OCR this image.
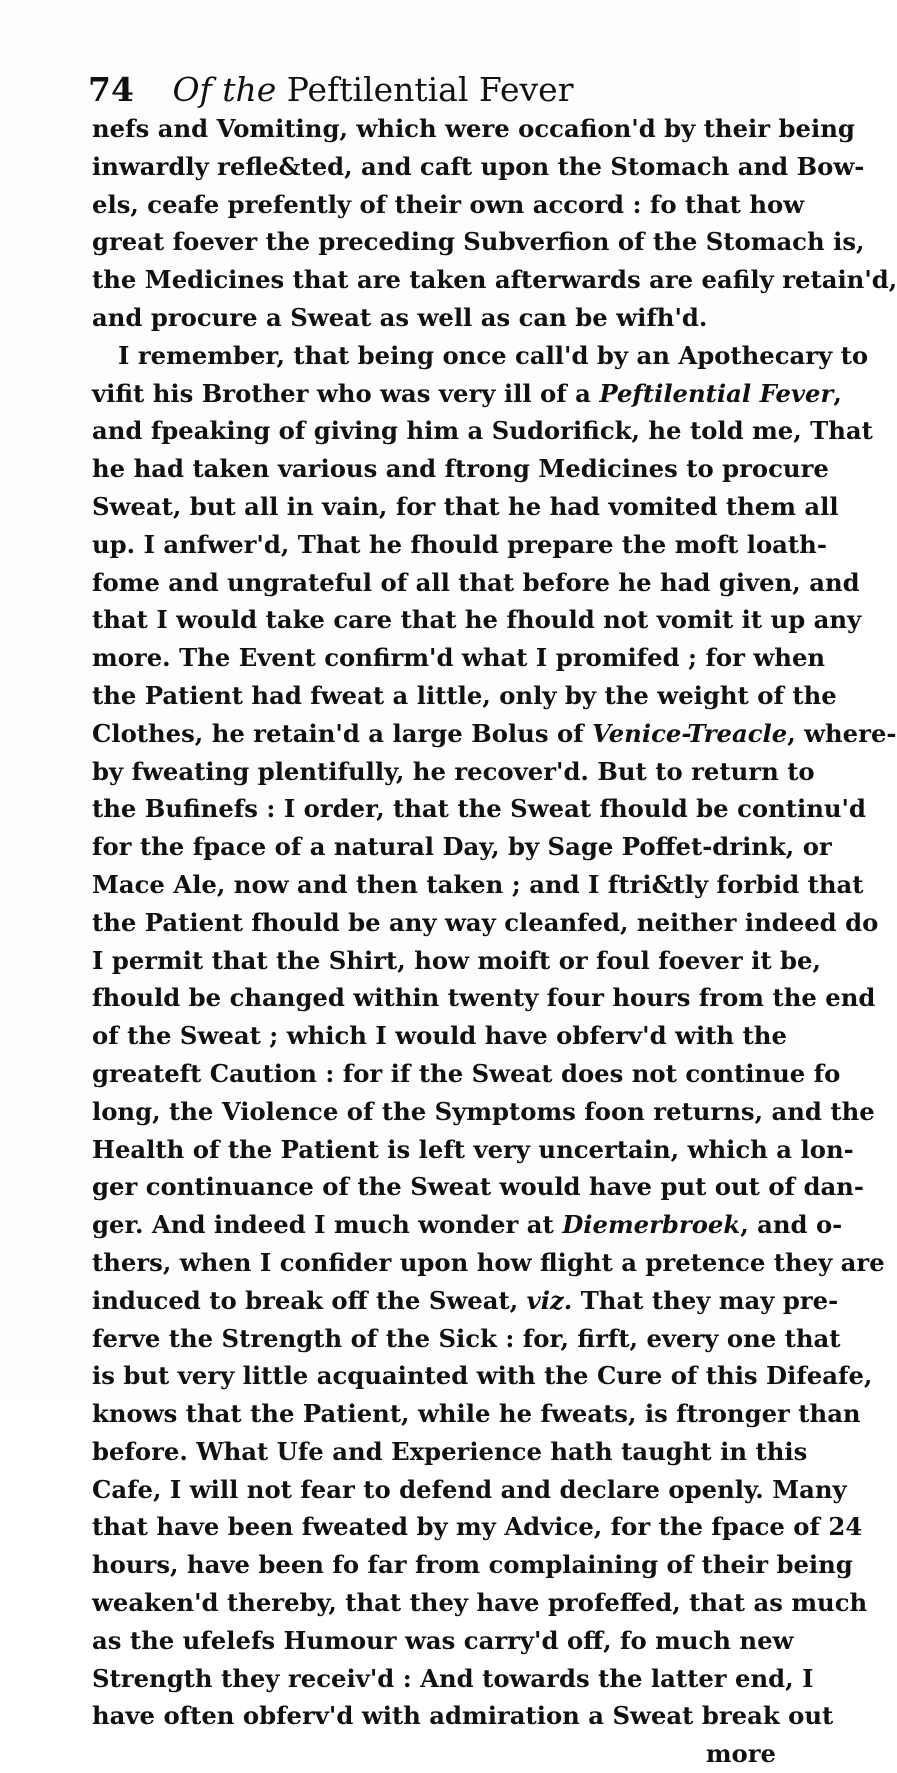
74 Of the Peftilential Fever
nefs and Vomiting, which were occafion'd by their being
inwardly refle&ted, and caft upon the Stomach and Bow-
els, ceafe prefently of their own accord : fo that how
great foever the preceding Subverfion of the Stomach is,
the Medicines that are taken afterwards are eafily retain'd,
and procure a Sweat as well as can be wifh'd.
I remember, that being once call'd by an Apothecary to
vifit his Brother who was very ill of a Peftilential Fever,
and fpeaking of giving him a Sudorifick, he told me, That
he had taken various and ftrong Medicines to procure
Sweat, but all in vain, for that he had vomited them all
up. I anfwer'd, That he fhould prepare the moft loath-
fome and ungrateful of all that before he had given, and
that I would take care that he fhould not vomit it up any
more. The Event confirm'd what I promifed ; for when
the Patient had fweat a little, only by the weight of the
Clothes, he retain'd a large Bolus of Venice-Treacle, where-
by fweating plentifully, he recover'd. But to return to
the Bufinefs : I order, that the Sweat fhould be continu'd
for the fpace of a natural Day, by Sage Poffet-drink, or
Mace Ale, now and then taken ; and I ftri&tly forbid that
the Patient fhould be any way cleanfed, neither indeed do
I permit that the Shirt, how moift or foul foever it be,
fhould be changed within twenty four hours from the end
of the Sweat ; which I would have obferv'd with the
greateft Caution : for if the Sweat does not continue fo
long, the Violence of the Symptoms foon returns, and the
Health of the Patient is left very uncertain, which a lon-
ger continuance of the Sweat would have put out of dan-
ger. And indeed I much wonder at Diemerbroek, and o-
thers, when I confider upon how flight a pretence they are
induced to break off the Sweat, viz. That they may pre-
ferve the Strength of the Sick : for, firft, every one that
is but very little acquainted with the Cure of this Difeafe,
knows that the Patient, while he fweats, is ftronger than
before. What Ufe and Experience hath taught in this
Cafe, I will not fear to defend and declare openly. Many
that have been fweated by my Advice, for the fpace of 24
hours, have been fo far from complaining of their being
weaken'd thereby, that they have profeffed, that as much
as the ufelefs Humour was carry'd off, fo much new
Strength they receiv'd : And towards the latter end, I
have often obferv'd with admiration a Sweat break out
more
